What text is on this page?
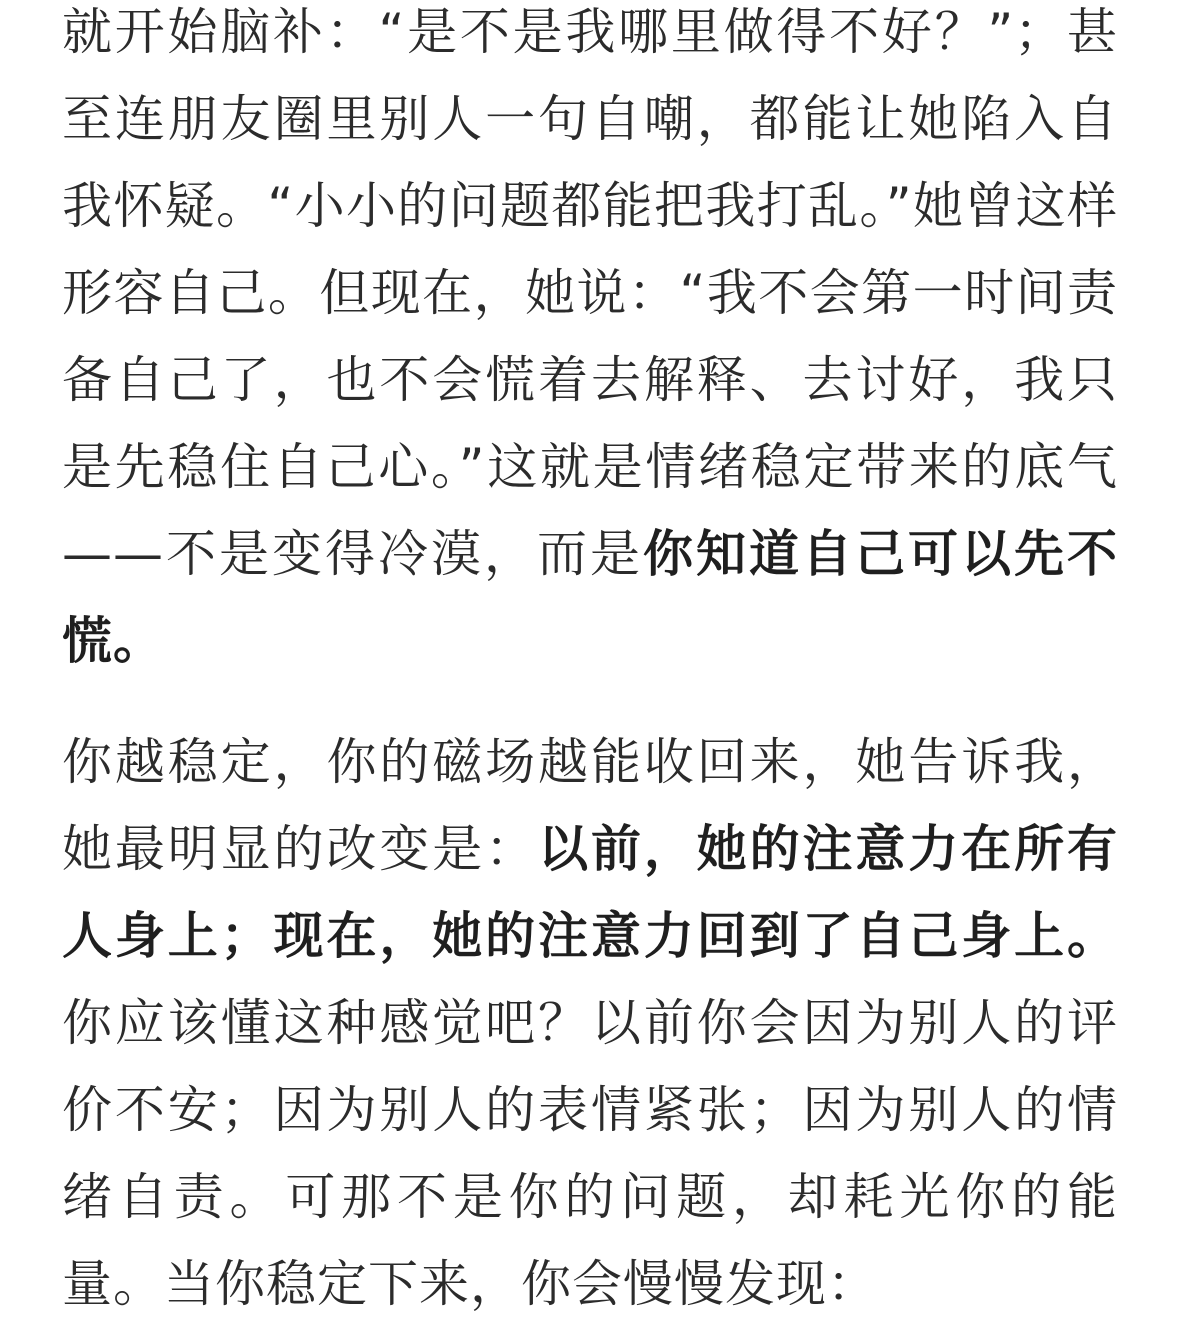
就开始脑补：“是不是我哪里做得不好？”；甚至连朋友圈里别人一句自嘲，都能让她陷入自我怀疑。“小小的问题都能把我打乱。”她曾这样形容自己。但现在，她说：“我不会第一时间责备自己了，也不会慌着去解释、去讨好，我只是先稳住自己心。”这就是情绪稳定带来的底气——不是变得冷漠，而是你知道自己可以先不慌。

你越稳定，你的磁场越能收回来，她告诉我，她最明显的改变是：以前，她的注意力在所有人身上；现在，她的注意力回到了自己身上。你应该懂这种感觉吧？以前你会因为别人的评价不安；因为别人的表情紧张；因为别人的情绪自责。可那不是你的问题，却耗光你的能量。当你稳定下来，你会慢慢发现：
